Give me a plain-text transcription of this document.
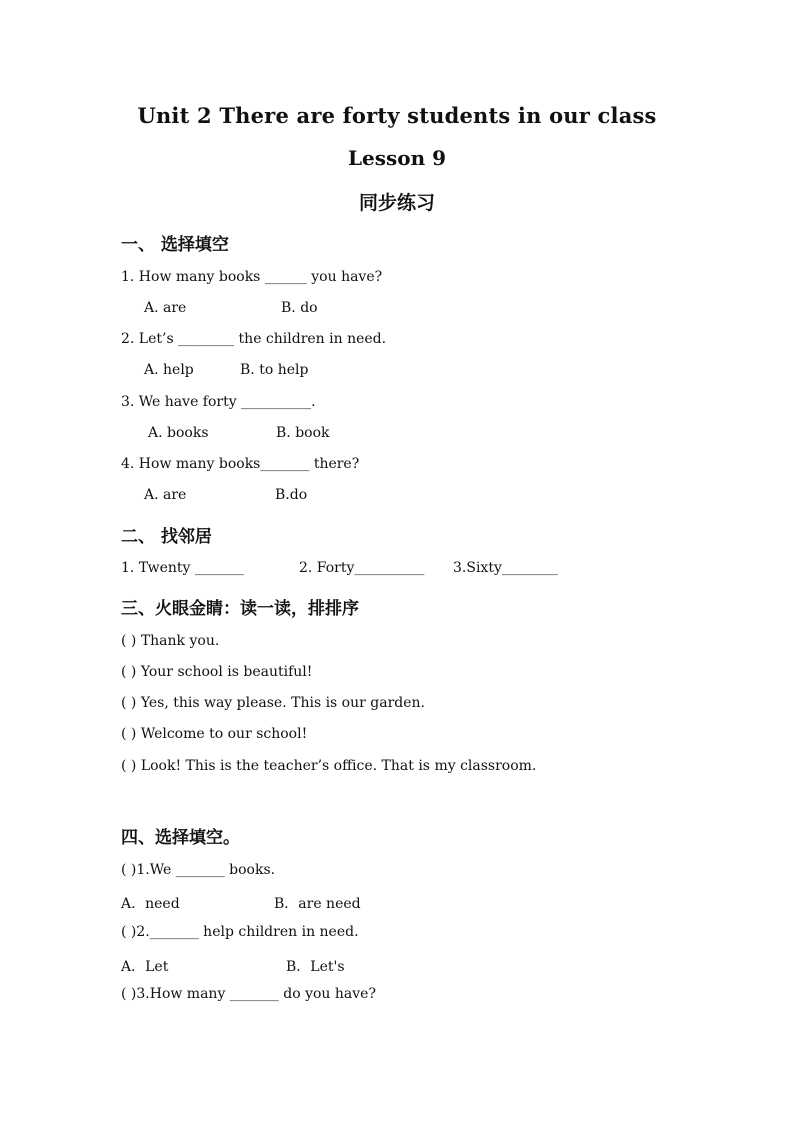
Unit 2 There are forty students in our class
Lesson 9
同步练习
一、 选择填空
1. How many books ______ you have?
A. are	B. do
2. Let’s ________ the children in need.
A. help	B. to help
3. We have forty __________.
A. books	B. book
4. How many books_______ there?
A. are	B.do
二、 找邻居
1. Twenty _______	2. Forty__________ 3.Sixty________
三、火眼金睛：读一读，排排序
( ) Thank you.
( ) Your school is beautiful!
( ) Yes, this way please. This is our garden.
( ) Welcome to our school!
( ) Look! This is the teacher’s office. That is my classroom.
四、选择填空。
( )1.We _______ books.
A．need	B．are need
( )2._______ help children in need.
A．Let	B．Let's
( )3.How many _______ do you have?
